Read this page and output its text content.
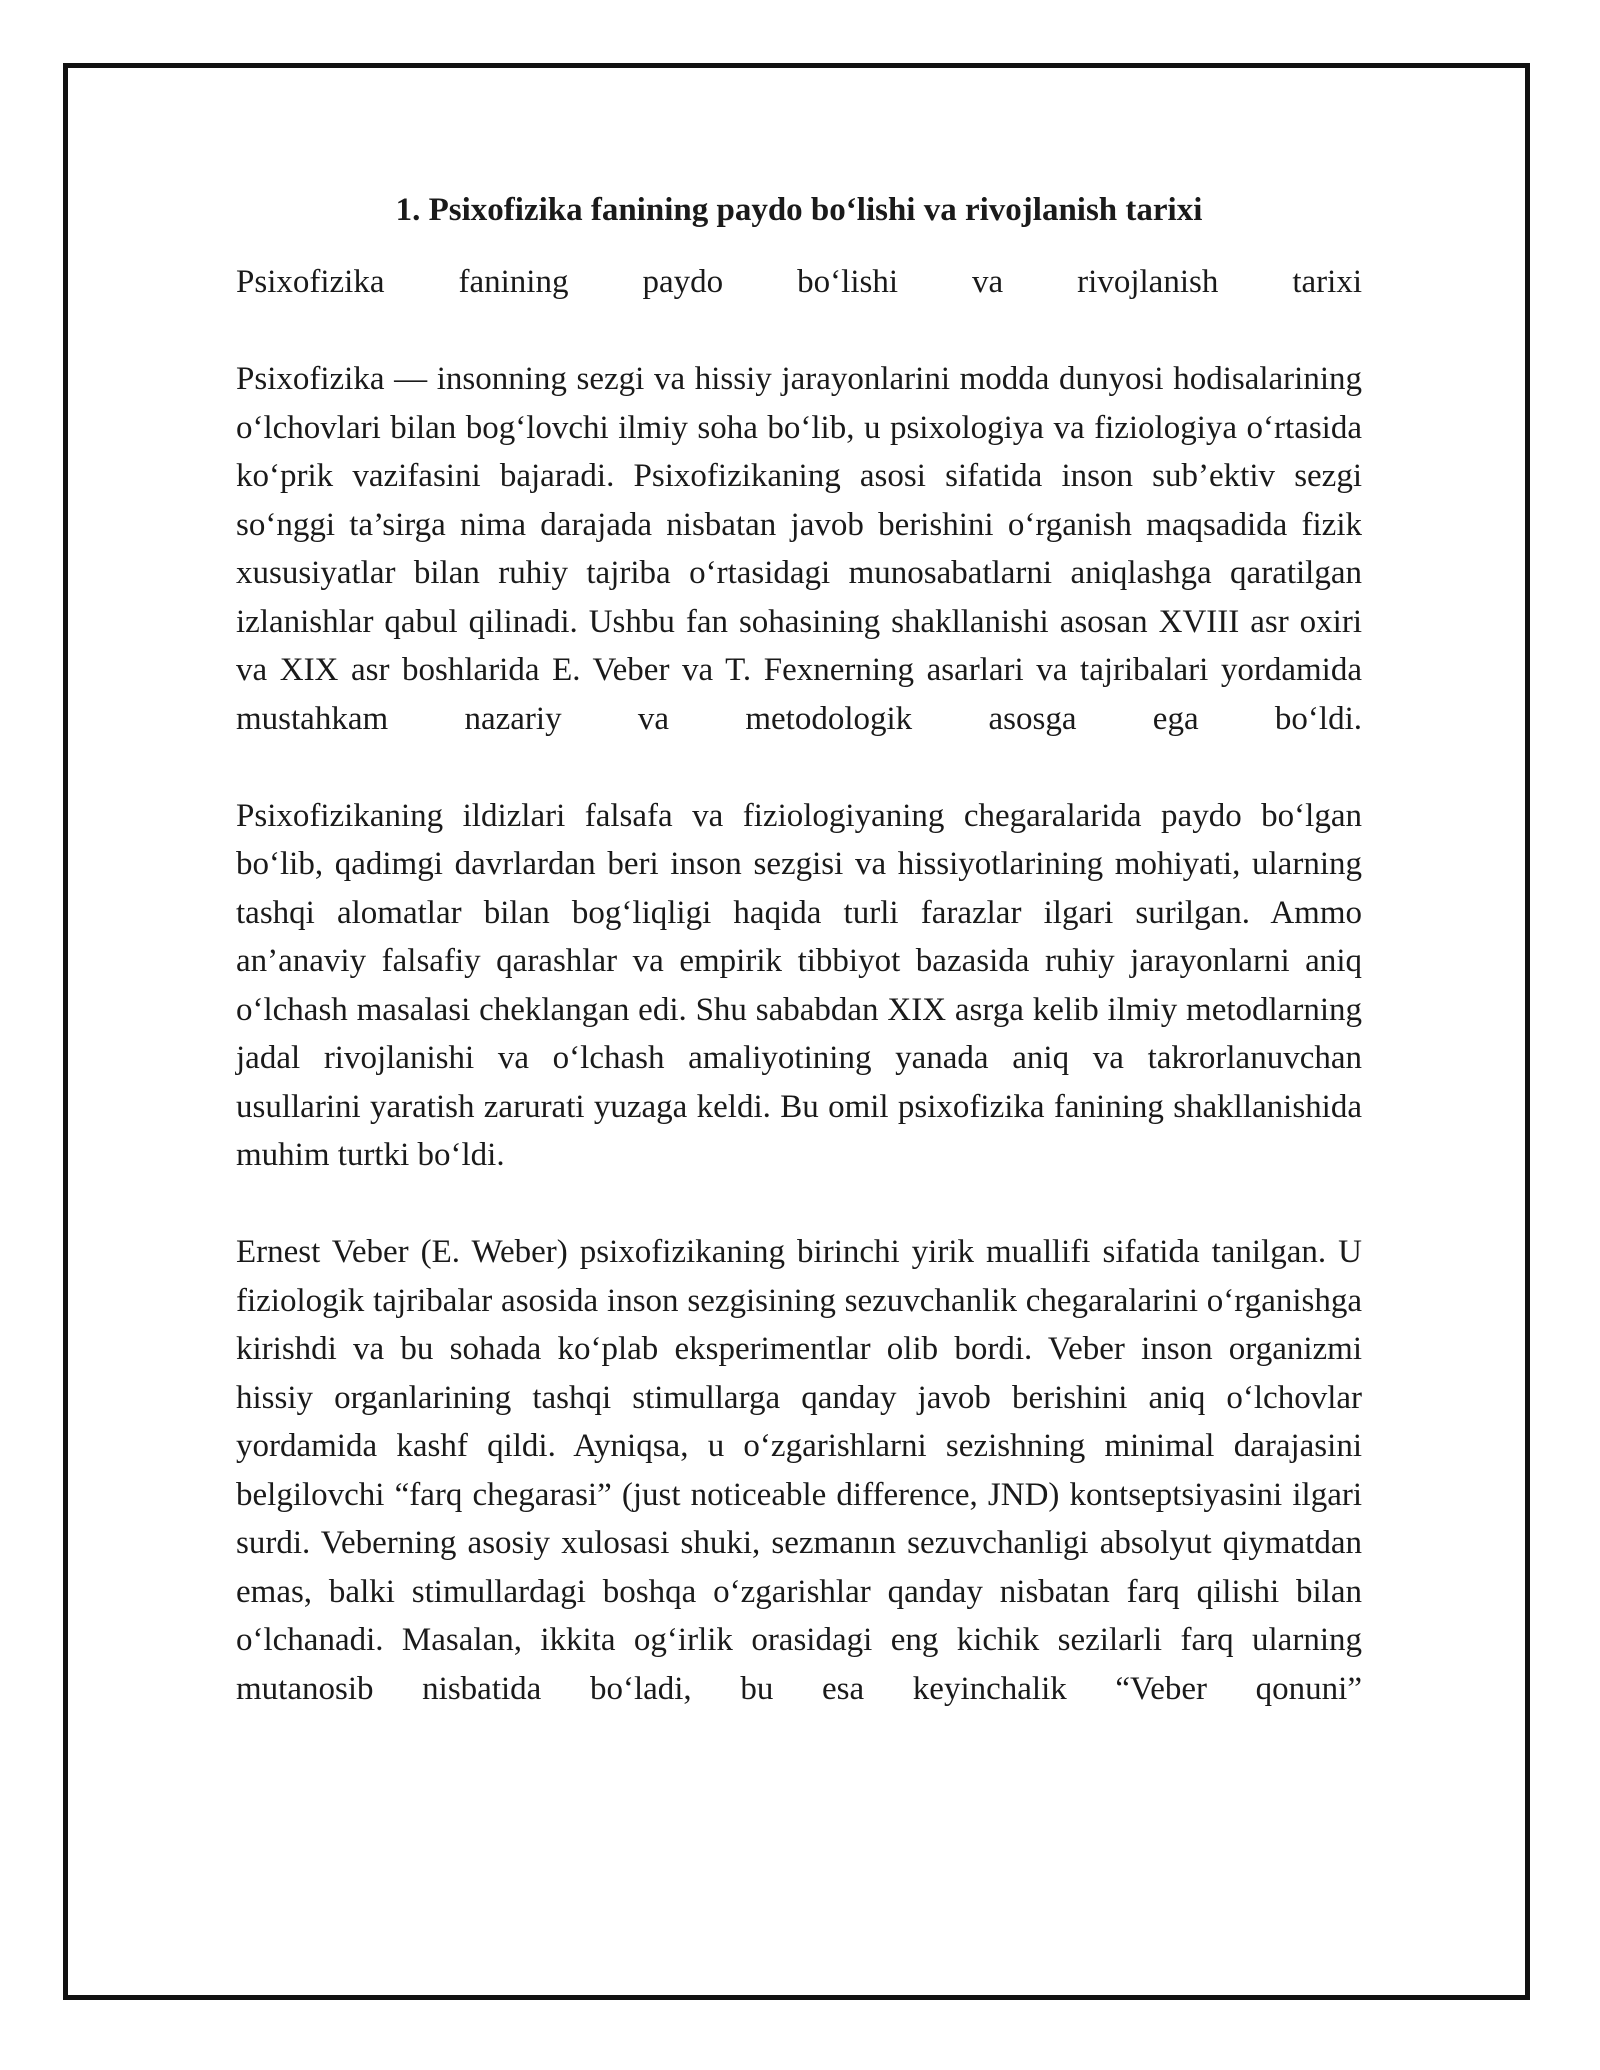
1. Psixofizika fanining paydo bo‘lishi va rivojlanish tarixi

Psixofizika fanining paydo bo‘lishi va rivojlanish tarixi

Psixofizika — insonning sezgi va hissiy jarayonlarini modda dunyosi hodisalarining o‘lchovlari bilan bog‘lovchi ilmiy soha bo‘lib, u psixologiya va fiziologiya o‘rtasida ko‘prik vazifasini bajaradi. Psixofizikaning asosi sifatida inson sub’ektiv sezgi so‘nggi ta’sirga nima darajada nisbatan javob berishini o‘rganish maqsadida fizik xususiyatlar bilan ruhiy tajriba o‘rtasidagi munosabatlarni aniqlashga qaratilgan izlanishlar qabul qilinadi. Ushbu fan sohasining shakllanishi asosan XVIII asr oxiri va XIX asr boshlarida E. Veber va T. Fexnerning asarlari va tajribalari yordamida mustahkam nazariy va metodologik asosga ega bo‘ldi.

Psixofizikaning ildizlari falsafa va fiziologiyaning chegaralarida paydo bo‘lgan bo‘lib, qadimgi davrlardan beri inson sezgisi va hissiyotlarining mohiyati, ularning tashqi alomatlar bilan bog‘liqligi haqida turli farazlar ilgari surilgan. Ammo an’anaviy falsafiy qarashlar va empirik tibbiyot bazasida ruhiy jarayonlarni aniq o‘lchash masalasi cheklangan edi. Shu sababdan XIX asrga kelib ilmiy metodlarning jadal rivojlanishi va o‘lchash amaliyotining yanada aniq va takrorlanuvchan usullarini yaratish zarurati yuzaga keldi. Bu omil psixofizika fanining shakllanishida muhim turtki bo‘ldi.

Ernest Veber (E. Weber) psixofizikaning birinchi yirik muallifi sifatida tanilgan. U fiziologik tajribalar asosida inson sezgisining sezuvchanlik chegaralarini o‘rganishga kirishdi va bu sohada ko‘plab eksperimentlar olib bordi. Veber inson organizmi hissiy organlarining tashqi stimullarga qanday javob berishini aniq o‘lchovlar yordamida kashf qildi. Ayniqsa, u o‘zgarishlarni sezishning minimal darajasini belgilovchi “farq chegarasi” (just noticeable difference, JND) kontseptsiyasini ilgari surdi. Veberning asosiy xulosasi shuki, sezmanın sezuvchanligi absolyut qiymatdan emas, balki stimullardagi boshqa o‘zgarishlar qanday nisbatan farq qilishi bilan o‘lchanadi. Masalan, ikkita og‘irlik orasidagi eng kichik sezilarli farq ularning mutanosib nisbatida bo‘ladi, bu esa keyinchalik “Veber qonuni”
